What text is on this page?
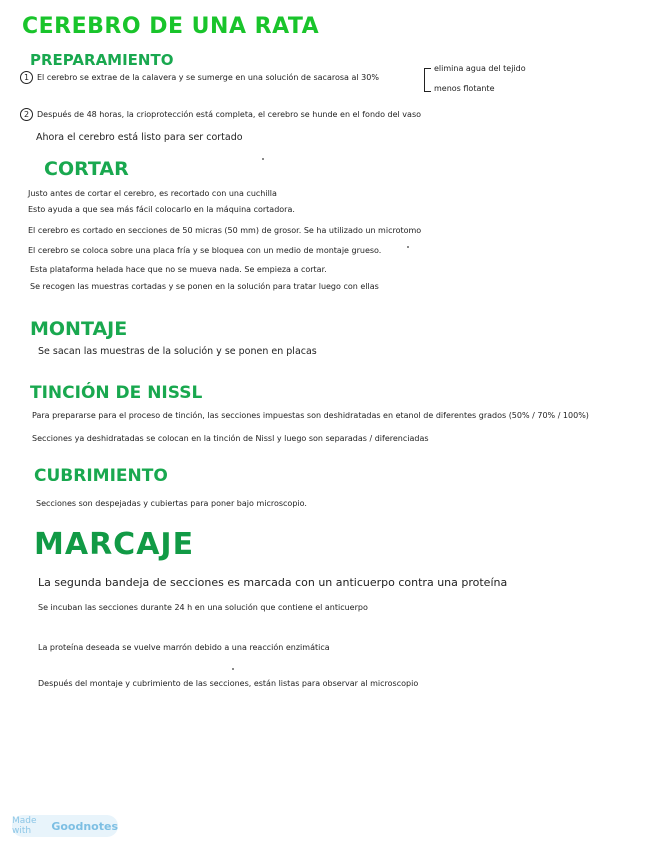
CEREBRO DE UNA RATA
PREPARAMIENTO
1 El cerebro se extrae de la calavera y se sumerge en una solución de sacarosa al 30%
elimina agua del tejido
menos flotante
2 Después de 48 horas, la crioprotección está completa, el cerebro se hunde en el fondo del vaso
Ahora el cerebro está listo para ser cortado
CORTAR
Justo antes de cortar el cerebro, es recortado con una cuchilla
Esto ayuda a que sea más fácil colocarlo en la máquina cortadora.
El cerebro es cortado en secciones de 50 micras (50 mm) de grosor. Se ha utilizado un microtomo
El cerebro se coloca sobre una placa fría y se bloquea con un medio de montaje grueso.
Esta plataforma helada hace que no se mueva nada. Se empieza a cortar.
Se recogen las muestras cortadas y se ponen en la solución para tratar luego con ellas
MONTAJE
Se sacan las muestras de la solución y se ponen en placas
TINCIÓN DE NISSL
Para prepararse para el proceso de tinción, las secciones impuestas son deshidratadas en etanol de diferentes grados (50% / 70% / 100%)
Secciones ya deshidratadas se colocan en la tinción de Nissl y luego son separadas / diferenciadas
CUBRIMIENTO
Secciones son despejadas y cubiertas para poner bajo microscopio.
MARCAJE
La segunda bandeja de secciones es marcada con un anticuerpo contra una proteína
Se incuban las secciones durante 24 h en una solución que contiene el anticuerpo
La proteína deseada se vuelve marrón debido a una reacción enzimática
Después del montaje y cubrimiento de las secciones, están listas para observar al microscopio
Made with	Goodnotes
